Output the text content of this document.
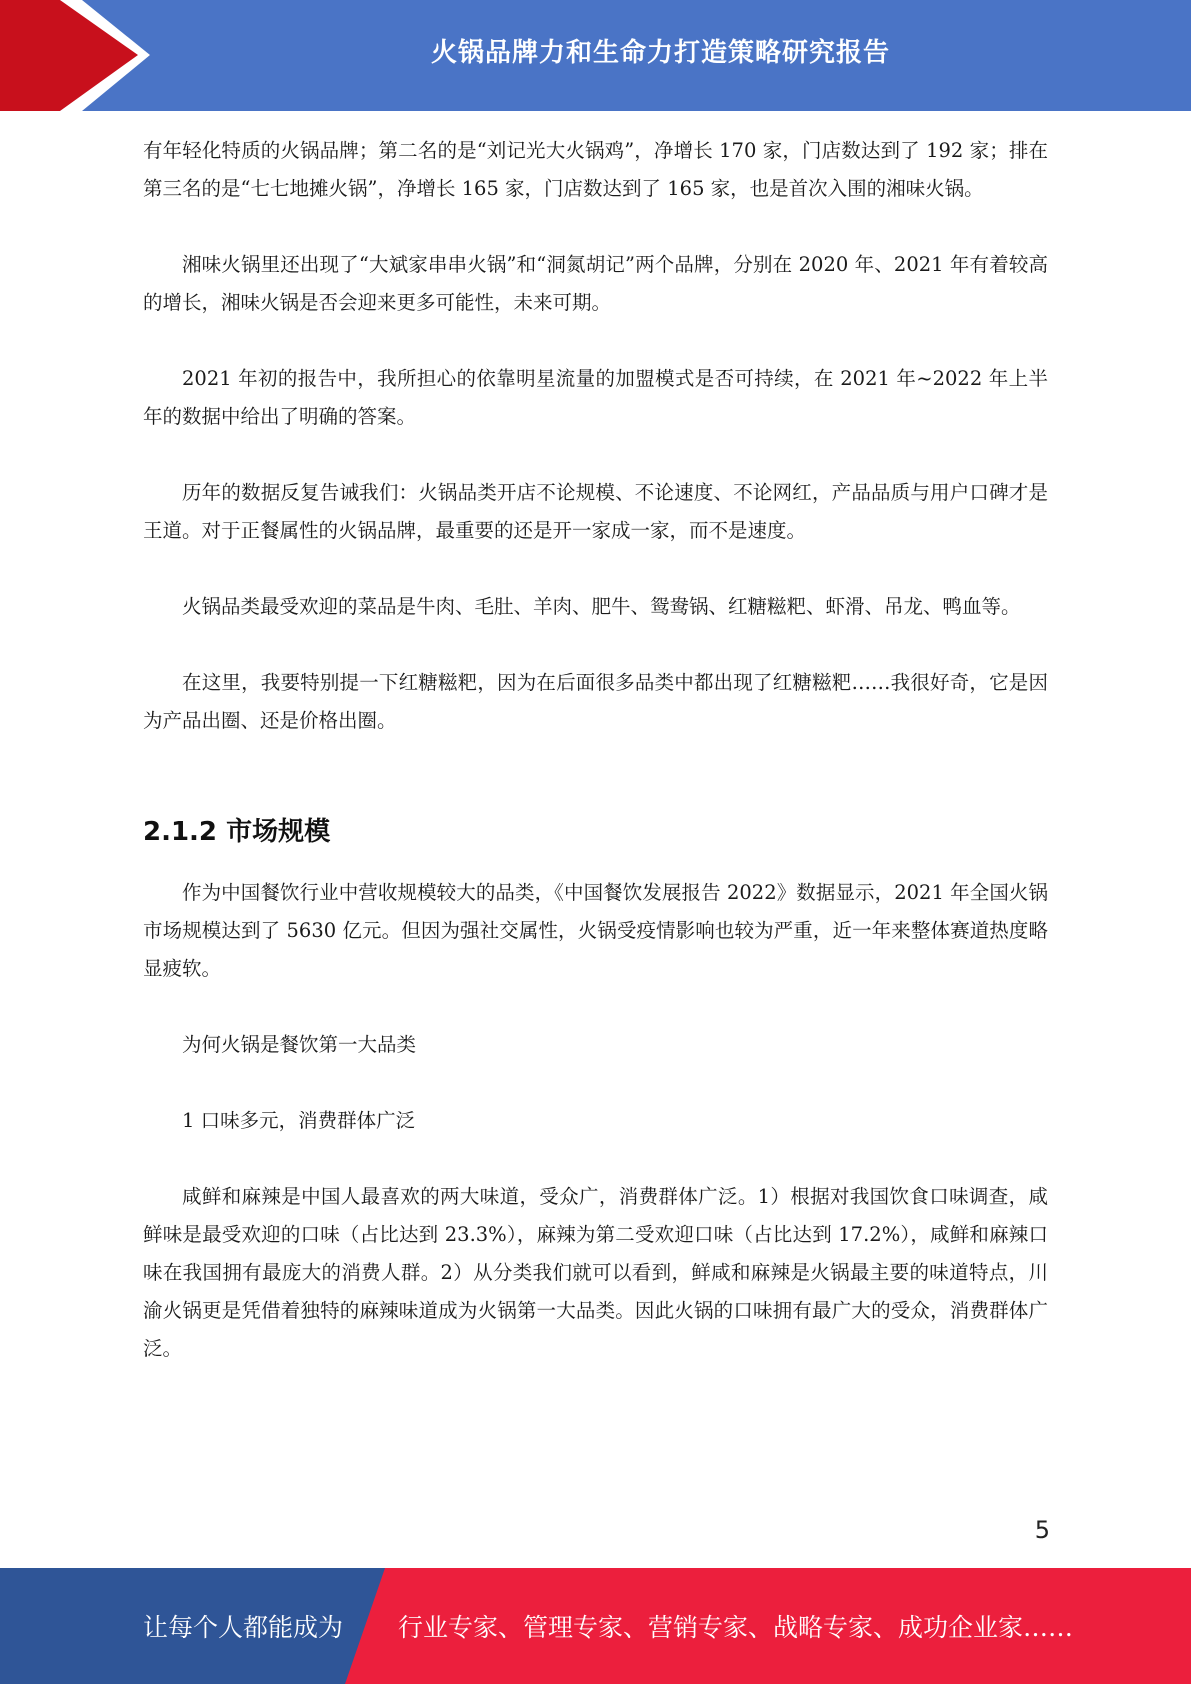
火锅品牌力和生命力打造策略研究报告

有年轻化特质的火锅品牌；第二名的是“刘记光大火锅鸡”，净增长 170 家，门店数达到了 192 家；排在第三名的是“七七地摊火锅”，净增长 165 家，门店数达到了 165 家，也是首次入围的湘味火锅。

湘味火锅里还出现了“大斌家串串火锅”和“洞氮胡记”两个品牌，分别在 2020 年、2021 年有着较高的增长，湘味火锅是否会迎来更多可能性，未来可期。

2021 年初的报告中，我所担心的依靠明星流量的加盟模式是否可持续，在 2021 年~2022 年上半年的数据中给出了明确的答案。

历年的数据反复告诫我们：火锅品类开店不论规模、不论速度、不论网红，产品品质与用户口碑才是王道。对于正餐属性的火锅品牌，最重要的还是开一家成一家，而不是速度。

火锅品类最受欢迎的菜品是牛肉、毛肚、羊肉、肥牛、鸳鸯锅、红糖糍粑、虾滑、吊龙、鸭血等。

在这里，我要特别提一下红糖糍粑，因为在后面很多品类中都出现了红糖糍粑……我很好奇，它是因为产品出圈、还是价格出圈。

2.1.2 市场规模

作为中国餐饮行业中营收规模较大的品类，《中国餐饮发展报告 2022》数据显示，2021 年全国火锅市场规模达到了 5630 亿元。但因为强社交属性，火锅受疫情影响也较为严重，近一年来整体赛道热度略显疲软。

为何火锅是餐饮第一大品类

1 口味多元，消费群体广泛

咸鲜和麻辣是中国人最喜欢的两大味道，受众广，消费群体广泛。1）根据对我国饮食口味调查，咸鲜味是最受欢迎的口味（占比达到 23.3%），麻辣为第二受欢迎口味（占比达到 17.2%），咸鲜和麻辣口味在我国拥有最庞大的消费人群。2）从分类我们就可以看到，鲜咸和麻辣是火锅最主要的味道特点，川渝火锅更是凭借着独特的麻辣味道成为火锅第一大品类。因此火锅的口味拥有最广大的受众，消费群体广泛。

5
让每个人都能成为 行业专家、管理专家、营销专家、战略专家、成功企业家……
